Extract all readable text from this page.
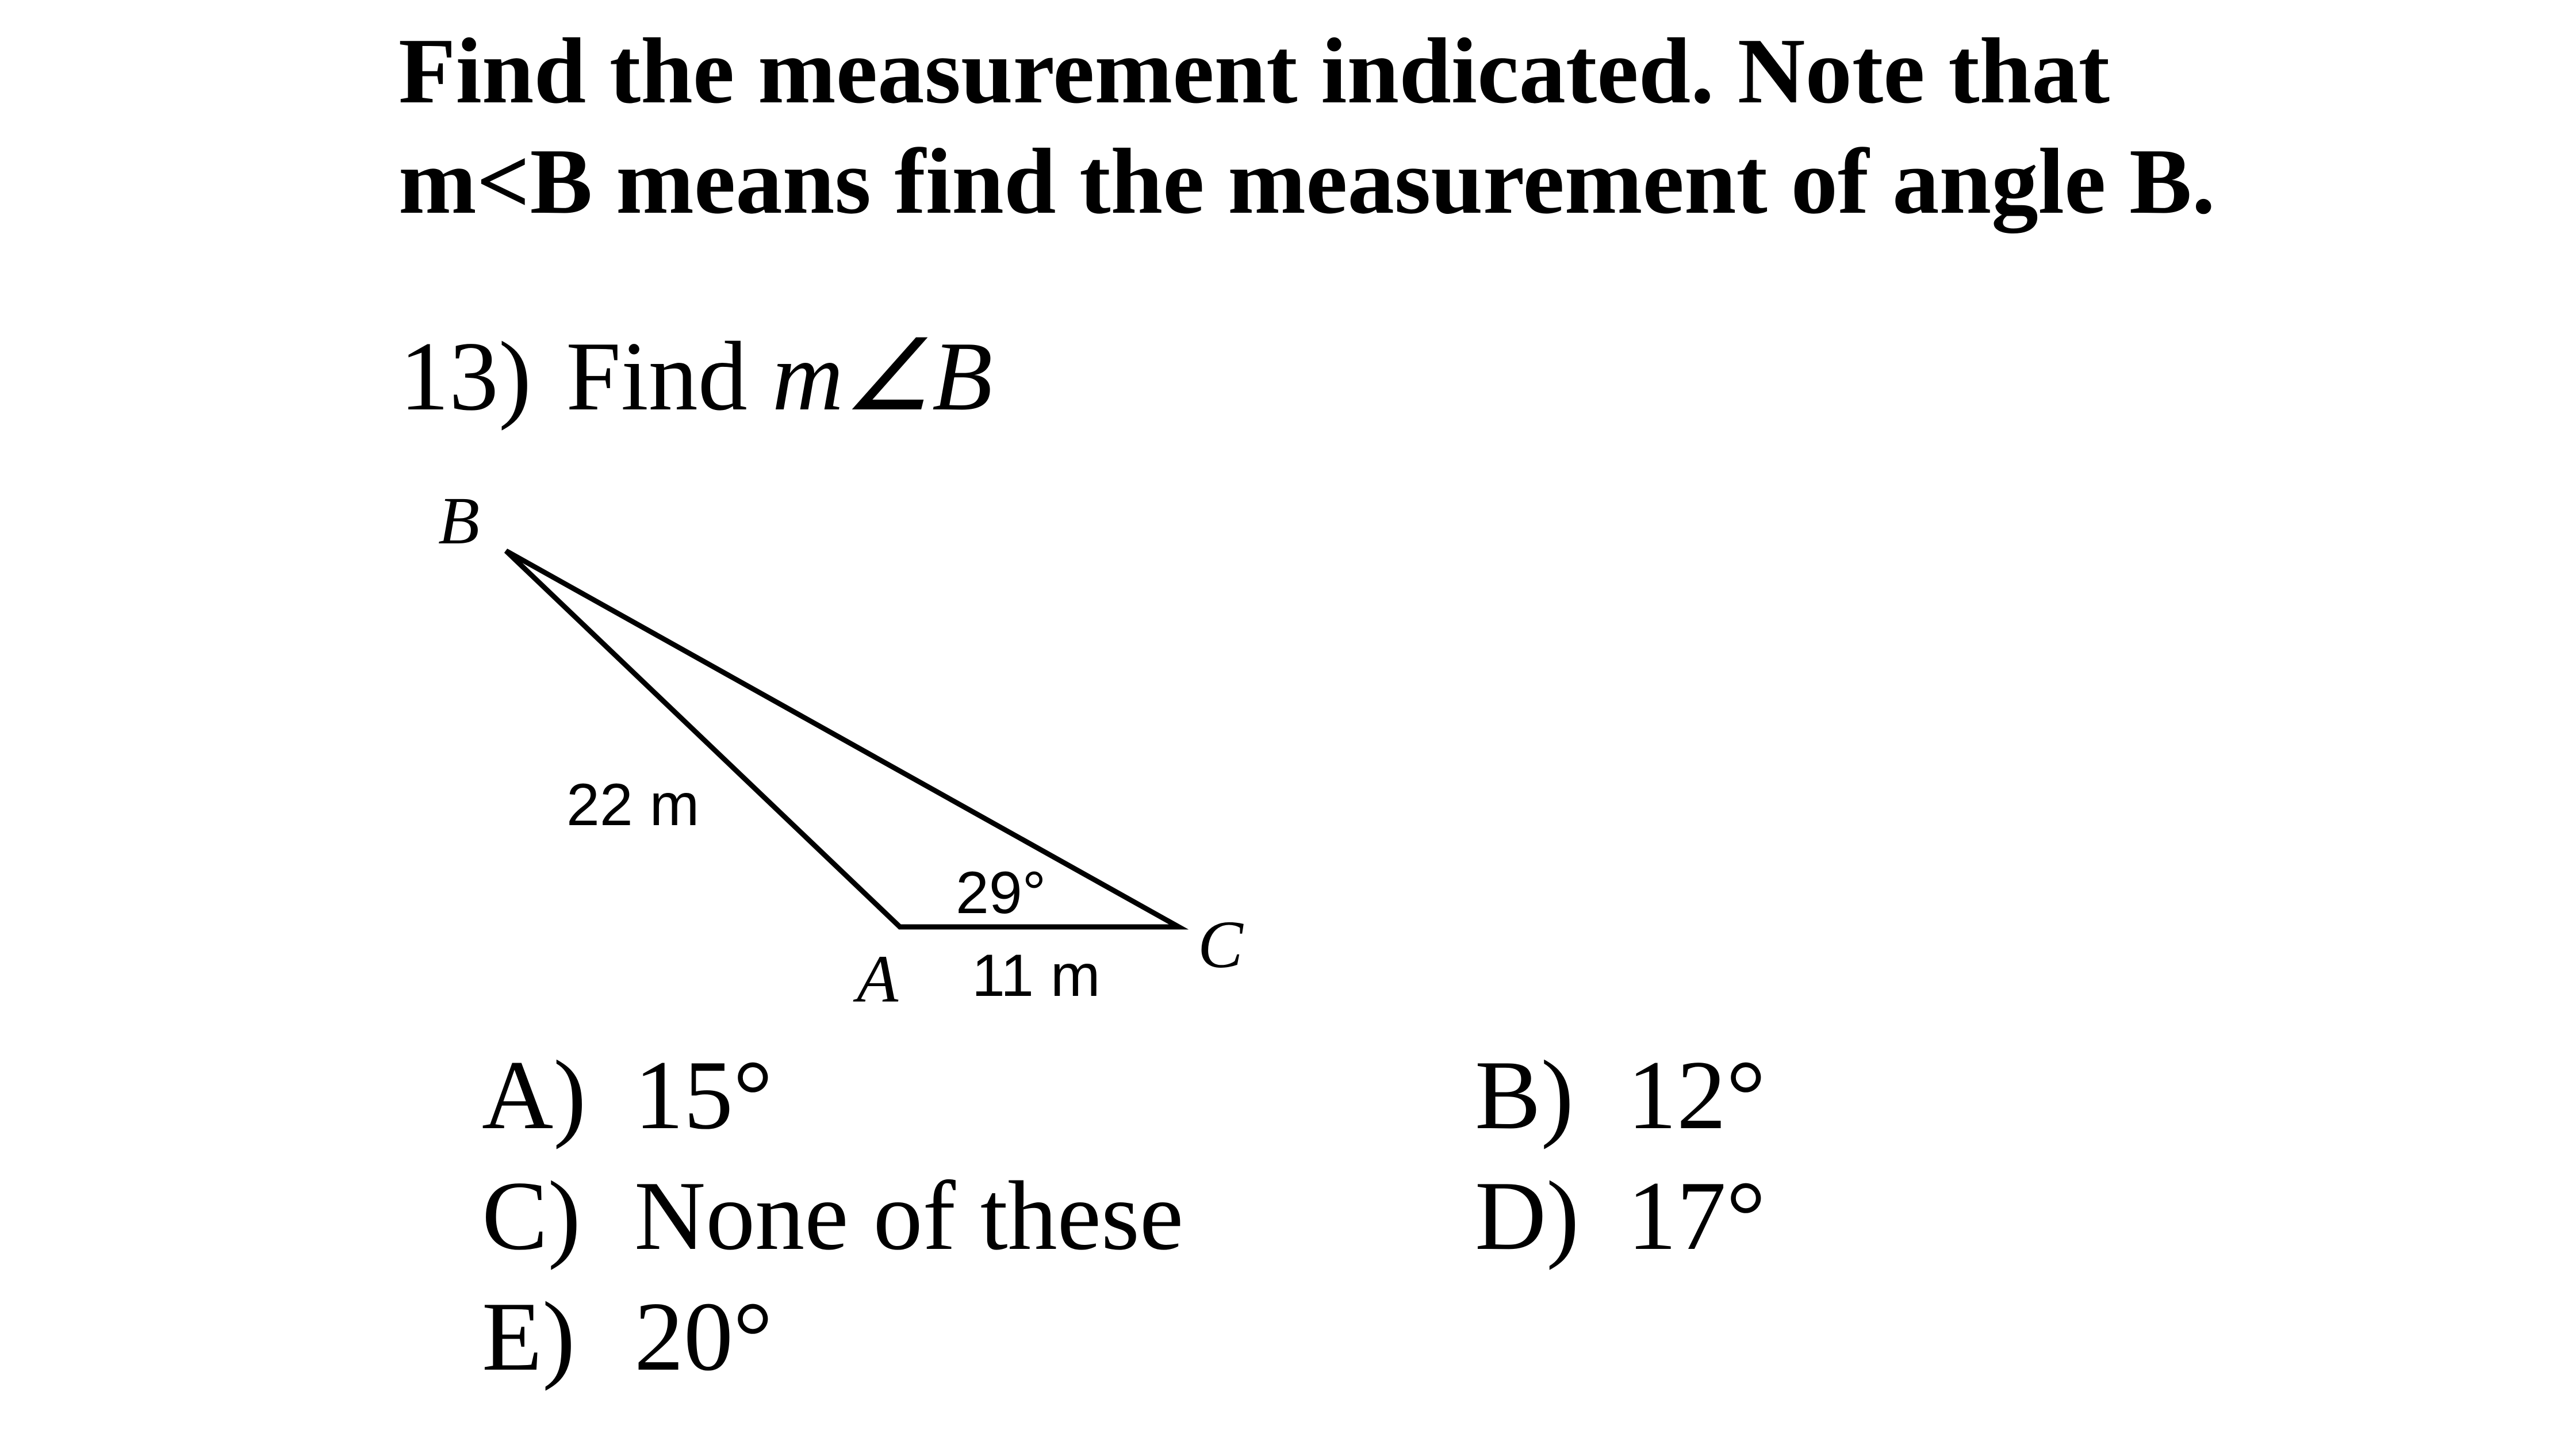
Find the measurement indicated. Note that
m<B means find the measurement of angle B.
13) Find m∠B
B
A	C
22 m
29°
11 m
A) 15°	B) 12°
C) None of these	D) 17°
E) 20°
